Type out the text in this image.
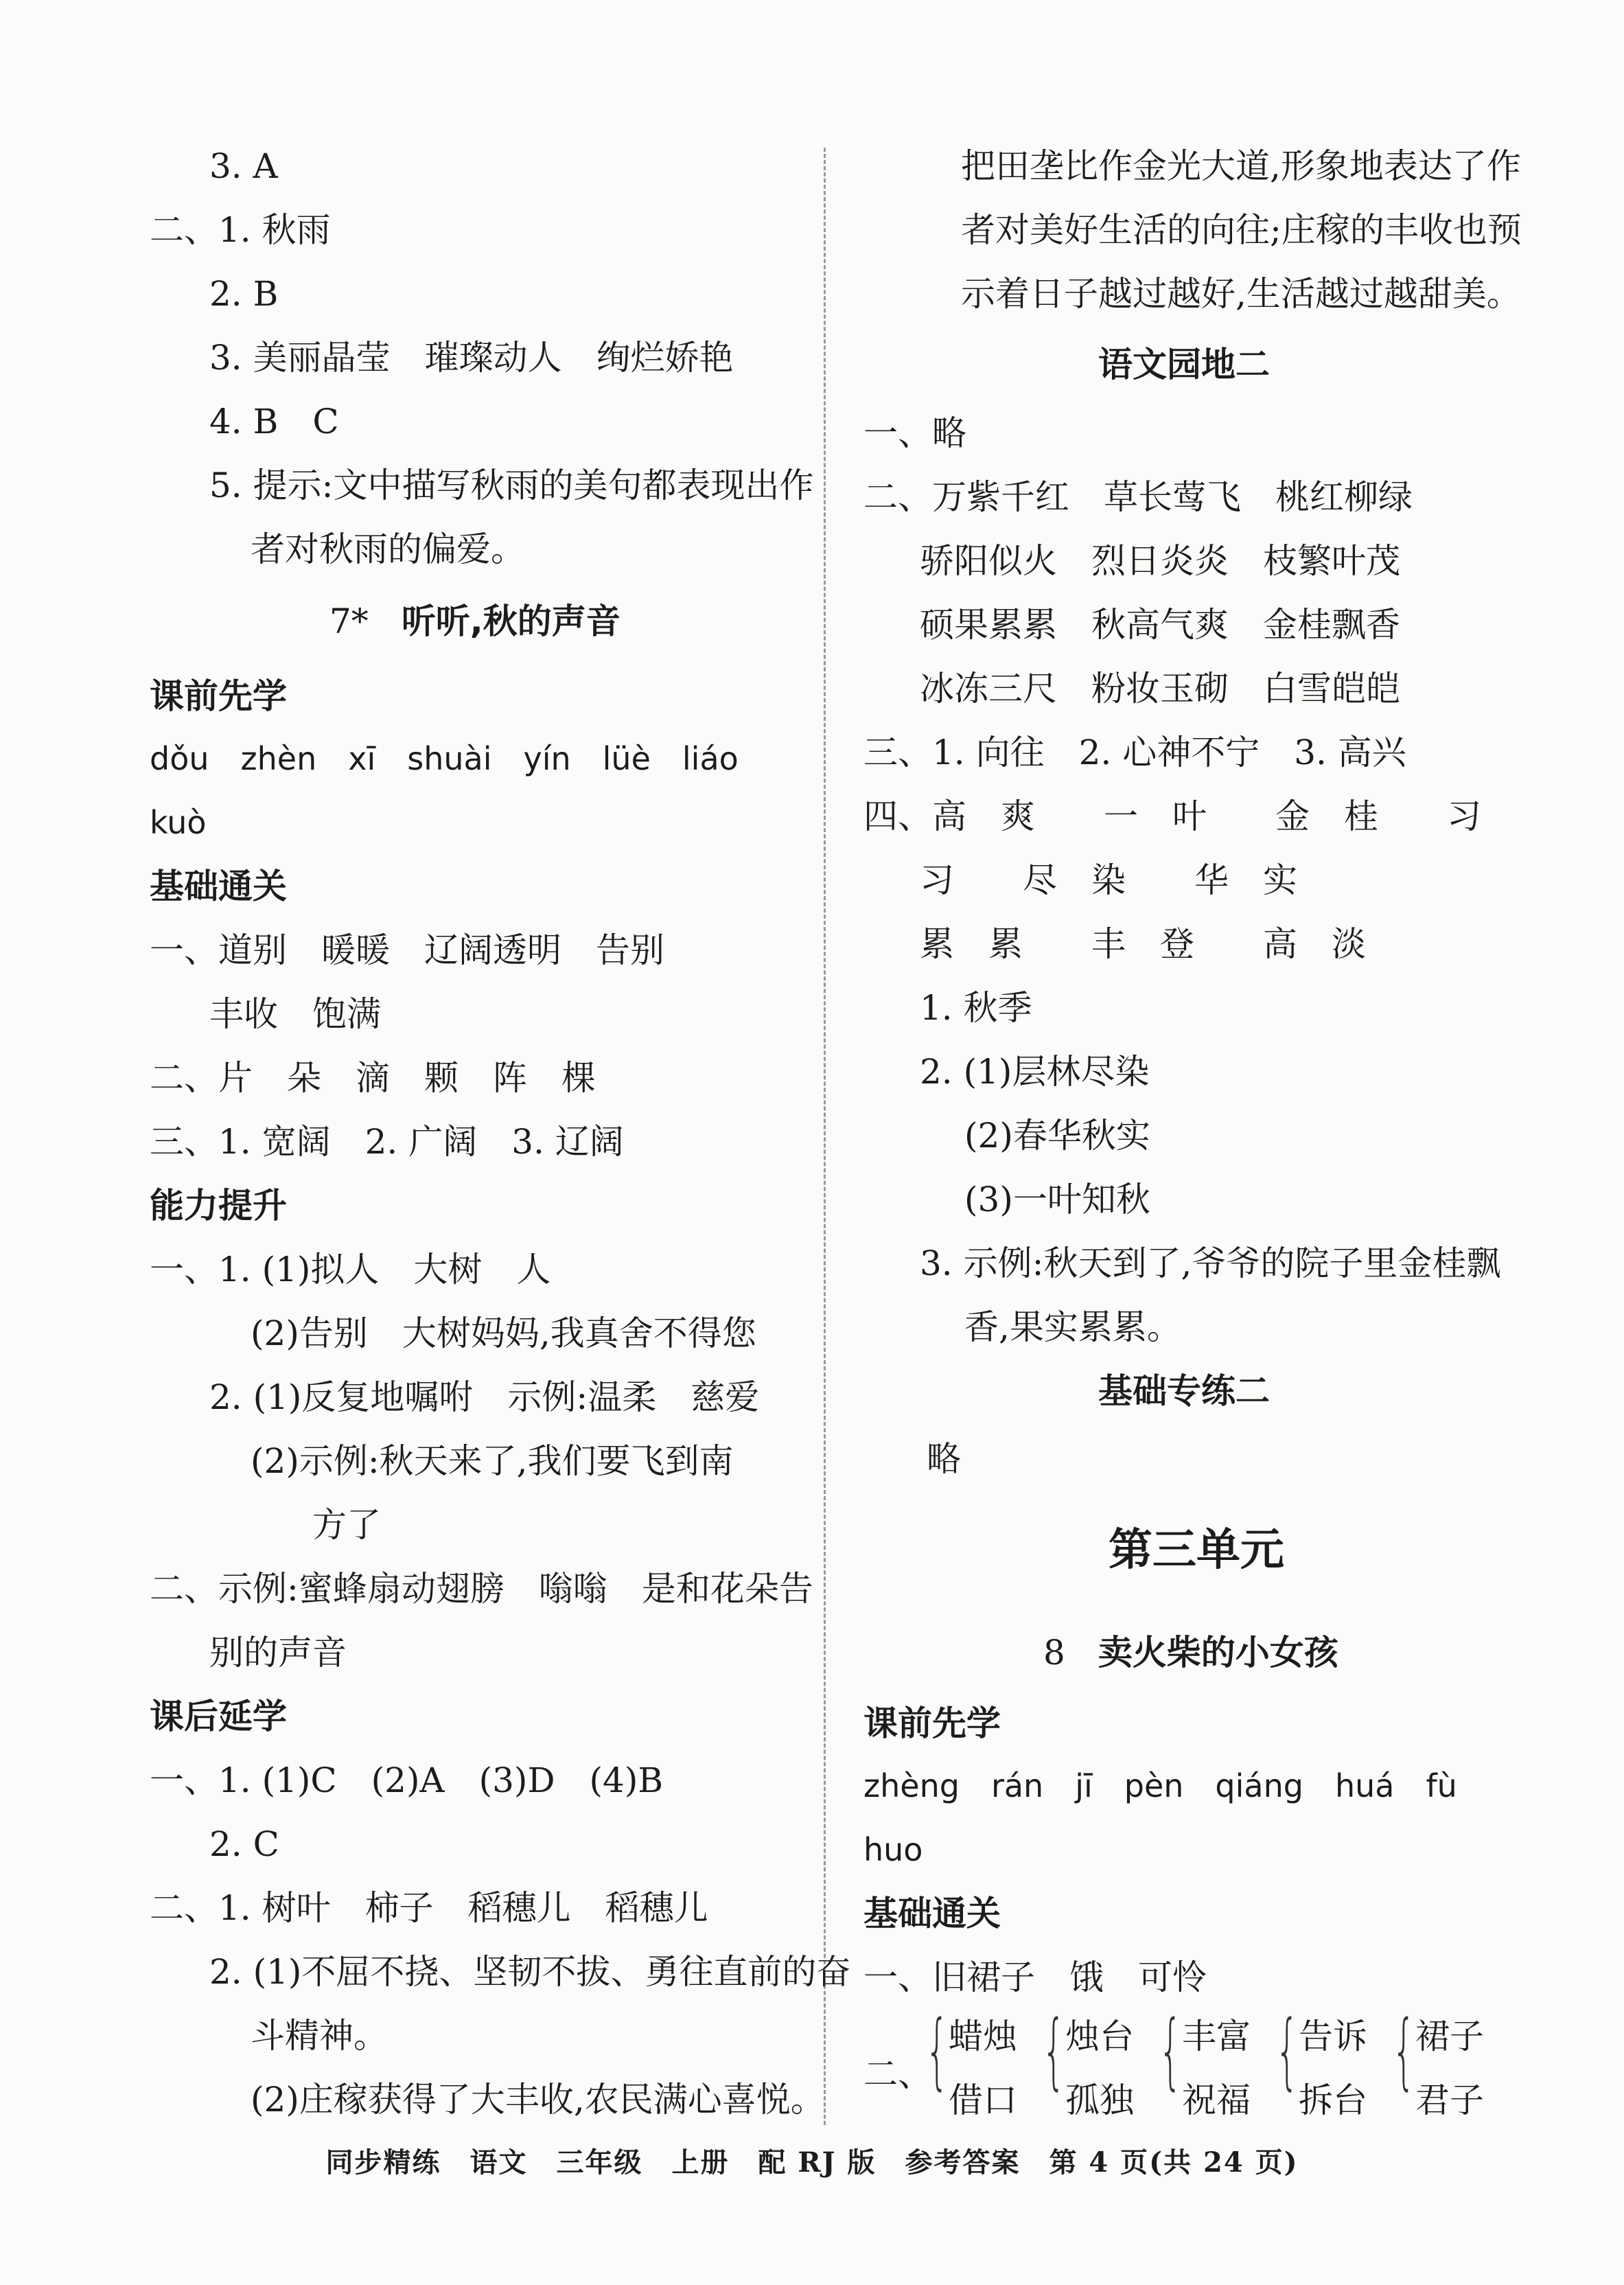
3. A
二、1. 秋雨
2. B
3. 美丽晶莹　璀璨动人　绚烂娇艳
4. B　C
5. 提示:文中描写秋雨的美句都表现出作
者对秋雨的偏爱。
7* 听听,秋的声音
课前先学
dǒu　zhèn　xī　shuài　yín　lüè　liáo
kuò
基础通关
一、道别　暖暖　辽阔透明　告别
丰收　饱满
二、片　朵　滴　颗　阵　棵
三、1. 宽阔　2. 广阔　3. 辽阔
能力提升
一、1. (1)拟人　大树　人
(2)告别　大树妈妈,我真舍不得您
2. (1)反复地嘱咐　示例:温柔　慈爱
(2)示例:秋天来了,我们要飞到南
方了
二、示例:蜜蜂扇动翅膀　嗡嗡　是和花朵告
别的声音
课后延学
一、1. (1)C　(2)A　(3)D　(4)B
2. C
二、1. 树叶　柿子　稻穗儿　稻穗儿
2. (1)不屈不挠、坚韧不拔、勇往直前的奋
斗精神。
(2)庄稼获得了大丰收,农民满心喜悦。
把田垄比作金光大道,形象地表达了作
者对美好生活的向往;庄稼的丰收也预
示着日子越过越好,生活越过越甜美。
语文园地二
一、略
二、万紫千红　草长莺飞　桃红柳绿
骄阳似火　烈日炎炎　枝繁叶茂
硕果累累　秋高气爽　金桂飘香
冰冻三尺　粉妆玉砌　白雪皑皑
三、1. 向往　2. 心神不宁　3. 高兴
四、高　爽　　一　叶　　金　桂　　习
习　　尽　染　　华　实
累　累　　丰　登　　高　淡
1. 秋季
2. (1)层林尽染
(2)春华秋实
(3)一叶知秋
3. 示例:秋天到了,爷爷的院子里金桂飘
香,果实累累。
基础专练二
略
第三单元
8 卖火柴的小女孩
课前先学
zhèng　rán　jī　pèn　qiáng　huá　fù
huo
基础通关
一、旧裙子　饿　可怜
二、
{ 蜡烛
借口
{ 烛台
孤独
{ 丰富
祝福
{ 告诉
拆台
{ 裙子
君子
同步精练　语文　三年级　上册　配 RJ 版　参考答案　第 4 页(共 24 页)
